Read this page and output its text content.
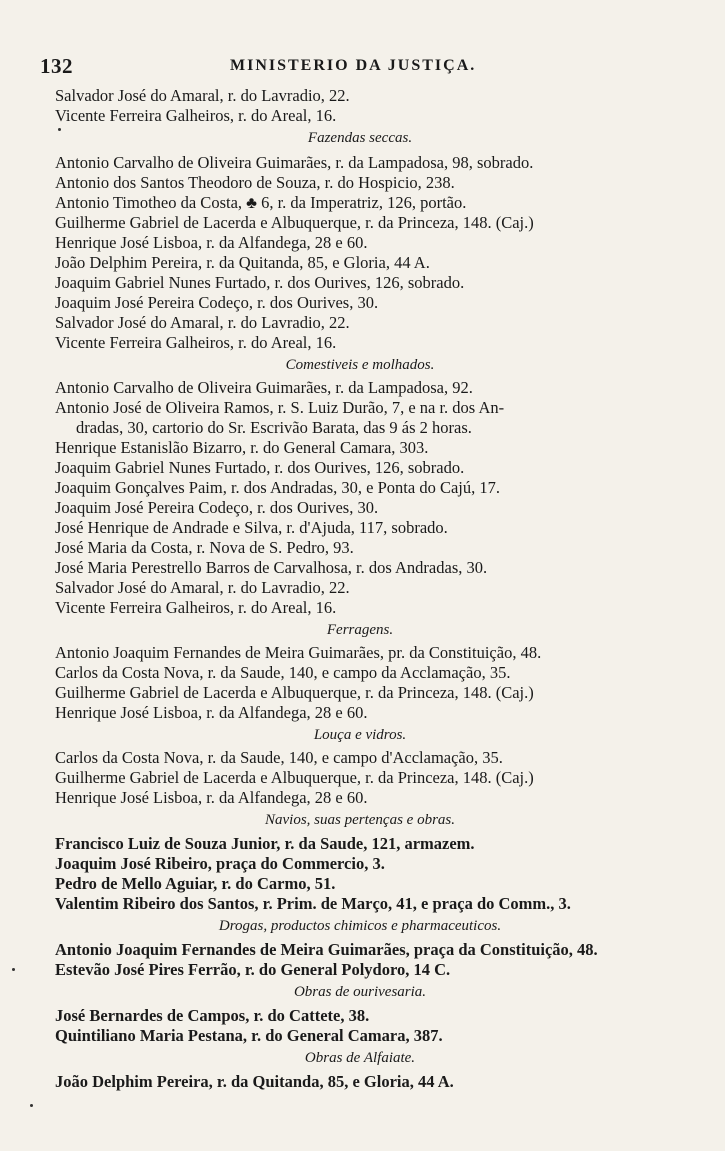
132	MINISTERIO DA JUSTIÇA.
Salvador José do Amaral, r. do Lavradio, 22.
Vicente Ferreira Galheiros, r. do Areal, 16.
Fazendas seccas.
Antonio Carvalho de Oliveira Guimarães, r. da Lampadosa, 98, sobrado.
Antonio dos Santos Theodoro de Souza, r. do Hospicio, 238.
Antonio Timotheo da Costa, ♣ 6, r. da Imperatriz, 126, portão.
Guilherme Gabriel de Lacerda e Albuquerque, r. da Princeza, 148. (Caj.)
Henrique José Lisboa, r. da Alfandega, 28 e 60.
João Delphim Pereira, r. da Quitanda, 85, e Gloria, 44 A.
Joaquim Gabriel Nunes Furtado, r. dos Ourives, 126, sobrado.
Joaquim José Pereira Codeço, r. dos Ourives, 30.
Salvador José do Amaral, r. do Lavradio, 22.
Vicente Ferreira Galheiros, r. do Areal, 16.
Comestiveis e molhados.
Antonio Carvalho de Oliveira Guimarães, r. da Lampadosa, 92.
Antonio José de Oliveira Ramos, r. S. Luiz Durão, 7, e na r. dos An-
dradas, 30, cartorio do Sr. Escrivão Barata, das 9 ás 2 horas.
Henrique Estanislão Bizarro, r. do General Camara, 303.
Joaquim Gabriel Nunes Furtado, r. dos Ourives, 126, sobrado.
Joaquim Gonçalves Paim, r. dos Andradas, 30, e Ponta do Cajú, 17.
Joaquim José Pereira Codeço, r. dos Ourives, 30.
José Henrique de Andrade e Silva, r. d'Ajuda, 117, sobrado.
José Maria da Costa, r. Nova de S. Pedro, 93.
José Maria Perestrello Barros de Carvalhosa, r. dos Andradas, 30.
Salvador José do Amaral, r. do Lavradio, 22.
Vicente Ferreira Galheiros, r. do Areal, 16.
Ferragens.
Antonio Joaquim Fernandes de Meira Guimarães, pr. da Constituição, 48.
Carlos da Costa Nova, r. da Saude, 140, e campo da Acclamação, 35.
Guilherme Gabriel de Lacerda e Albuquerque, r. da Princeza, 148. (Caj.)
Henrique José Lisboa, r. da Alfandega, 28 e 60.
Louça e vidros.
Carlos da Costa Nova, r. da Saude, 140, e campo d'Acclamação, 35.
Guilherme Gabriel de Lacerda e Albuquerque, r. da Princeza, 148. (Caj.)
Henrique José Lisboa, r. da Alfandega, 28 e 60.
Navios, suas pertenças e obras.
Francisco Luiz de Souza Junior, r. da Saude, 121, armazem.
Joaquim José Ribeiro, praça do Commercio, 3.
Pedro de Mello Aguiar, r. do Carmo, 51.
Valentim Ribeiro dos Santos, r. Prim. de Março, 41, e praça do Comm., 3.
Drogas, productos chimicos e pharmaceuticos.
Antonio Joaquim Fernandes de Meira Guimarães, praça da Constituição, 48.
Estevão José Pires Ferrão, r. do General Polydoro, 14 C.
Obras de ourivesaria.
José Bernardes de Campos, r. do Cattete, 38.
Quintiliano Maria Pestana, r. do General Camara, 387.
Obras de Alfaiate.
João Delphim Pereira, r. da Quitanda, 85, e Gloria, 44 A.
